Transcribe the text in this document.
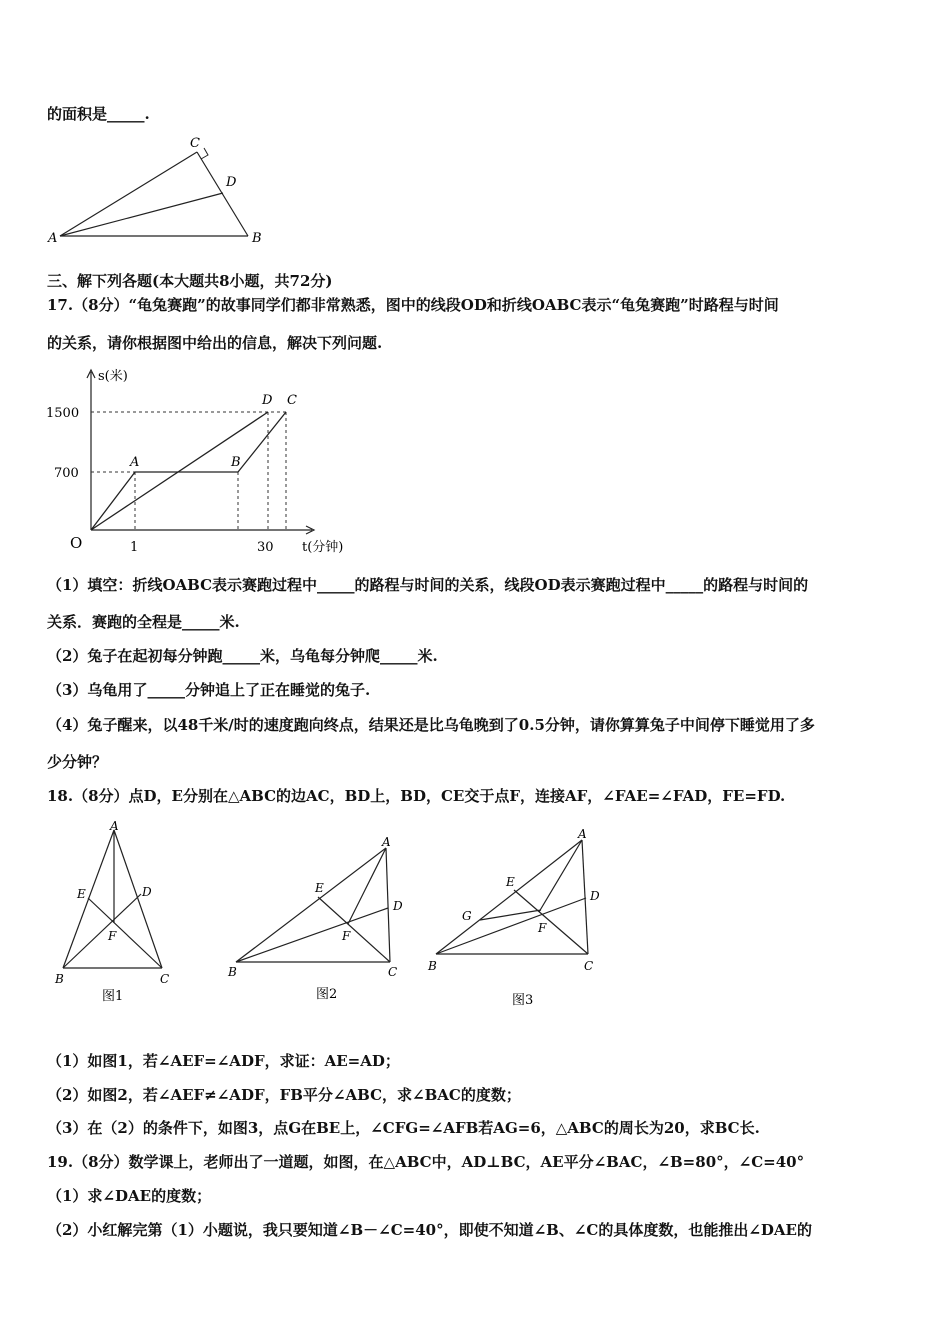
的面积是_____.
C
D
A	B
三、解下列各题(本大题共8小题，共72分)
17.（8分）“龟兔赛跑”的故事同学们都非常熟悉，图中的线段OD和折线OABC表示“龟兔赛跑”时路程与时间
的关系，请你根据图中给出的信息，解决下列问题.
s(米)
1500
700
O	1	30 t(分钟)
A	B
D C
（1）填空：折线OABC表示赛跑过程中_____的路程与时间的关系，线段OD表示赛跑过程中_____的路程与时间的
关系．赛跑的全程是_____米.
（2）兔子在起初每分钟跑_____米，乌龟每分钟爬_____米.
（3）乌龟用了_____分钟追上了正在睡觉的兔子.
（4）兔子醒来，以48千米/时的速度跑向终点，结果还是比乌龟晚到了0.5分钟，请你算算兔子中间停下睡觉用了多
少分钟？
18.（8分）点D，E分别在△ABC的边AC，BD上，BD，CE交于点F，连接AF，∠FAE=∠FAD，FE=FD.
A
E	D
F
B	C
图1
A
E
D
F
B	C
图2
A
E
D
G
F
B	C
图3
（1）如图1，若∠AEF=∠ADF，求证：AE=AD；
（2）如图2，若∠AEF≠∠ADF，FB平分∠ABC，求∠BAC的度数；
（3）在（2）的条件下，如图3，点G在BE上，∠CFG=∠AFB若AG=6，△ABC的周长为20，求BC长.
19.（8分）数学课上，老师出了一道题，如图，在△ABC中，AD⊥BC，AE平分∠BAC，∠B=80°，∠C=40°
（1）求∠DAE的度数；
（2）小红解完第（1）小题说，我只要知道∠B－∠C=40°，即使不知道∠B、∠C的具体度数，也能推出∠DAE的
